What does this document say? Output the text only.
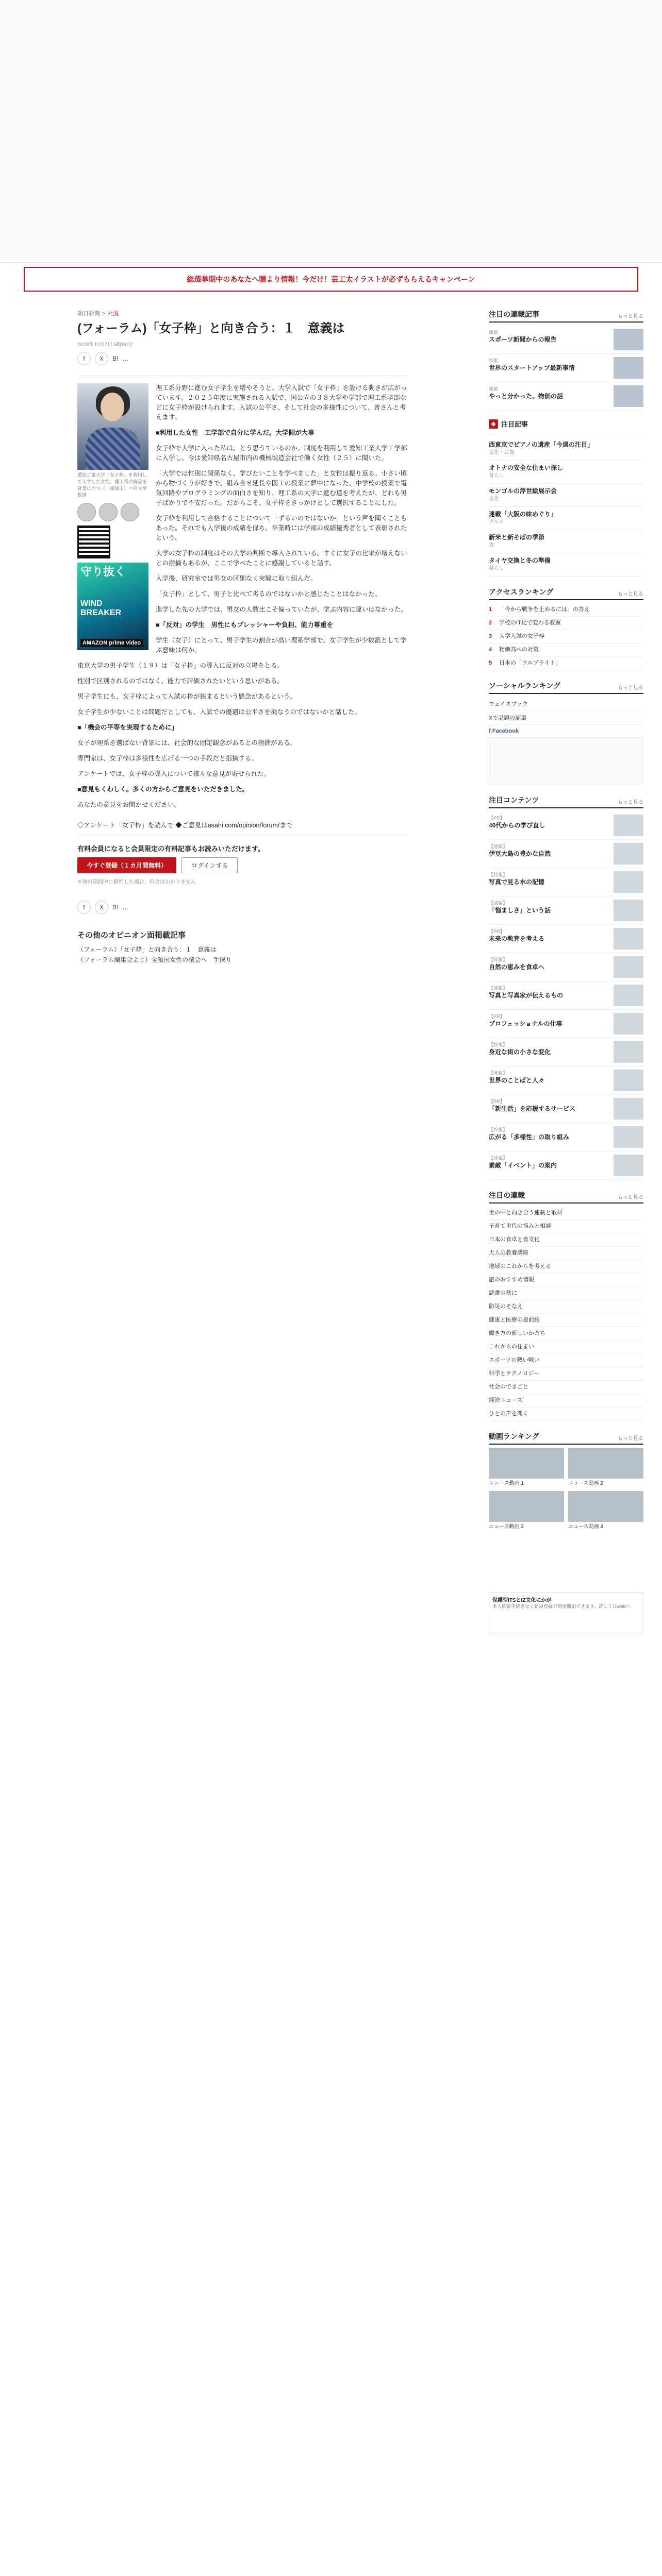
総選挙期中のあなたへ贈より情報！今だけ！芸工太イラストが必ずもらえるキャンペーン
朝日新聞 > 社説
(フォーラム)「女子枠」と向き合う：１　意義は
2023年11月7日 5時00分
f	X	B! …
愛知工業大学「女子枠」を利用して入学した女性。理工系の施設を背景に立つ（一部加工）＝同大学提供
守り抜く
WIND BREAKER
AMAZON prime video

理工系分野に進む女子学生を増やそうと、大学入試で「女子枠」を設ける動きが広がっています。２０２５年度に実施される入試で、国公立の３８大学や学部で理工系学部などに女子枠が設けられます。入試の公平さ、そして社会の多様性について、皆さんと考えます。

■利用した女性　工学部で自分に学んだ。大学側が大事

女子枠で大学に入った私は、とう思うているのか。制度を利用して愛知工業大学工学部に入学し、今は愛知県名古屋市内の機械製造会社で働く女性（２５）に聞いた。

「大学では性別に関係なく、学びたいことを学べました」と女性は振り返る。小さい頃から物づくりが好きで、組み合せ延長や図工の授業に夢中になった。中学校の授業で電気回路やプログラミングの面白さを知り、理工系の大学に進む道を考えたが、どれも男子ばかりで不安だった。だからこそ、女子枠をきっかけとして選択することにした。

女子枠を利用して合格することについて「ずるいのではないか」という声を聞くこともあった。それでも入学後の成績を保ち、卒業時には学部の成績優秀者として表彰されたという。

大学の女子枠の制度はその大学の判断で導入されている。すぐに女子の比率が増えないとの指摘もあるが、ここで学べたことに感謝していると話す。

入学後、研究室では男女の区別なく実験に取り組んだ。

「女子枠」として、男子と比べて劣るのではないかと感じたことはなかった。

進学した先の大学では、男女の人数比こそ偏っていたが、学ぶ内容に違いはなかった。

■「反対」の学生　男性にもプレッシャーや負担、能力尊重を

学生（女子）にとって、男子学生の割合が高い理系学部で、女子学生が少数派として学ぶ意味は何か。

東京大学の男子学生（１９）は「女子枠」の導入に反対の立場をとる。

性別で区別されるのではなく、能力で評価されたいという思いがある。

男子学生にも、女子枠によって入試の枠が狭まるという懸念があるという。

女子学生が少ないことは問題だとしても、入試での優遇は公平さを損なうのではないかと話した。

■「機会の平等を実現するために」

女子が理系を選ばない背景には、社会的な固定観念があるとの指摘がある。

専門家は、女子枠は多様性を広げる一つの手段だと指摘する。

アンケートでは、女子枠の導入について様々な意見が寄せられた。

■意見もくわしく。多くの方からご意見をいただきました。

あなたの意見をお聞かせください。

◇アンケート「女子枠」を読んで ◆ご意見はasahi.com/opinion/forum/まで
有料会員になると会員限定の有料記事もお読みいただけます。
今すぐ登録（１カ月間無料）	ログインする
※無料期間中に解約した場合、料金はかかりません
f	X	B! …
その他のオピニオン面掲載記事
（フォーラム）「女子枠」と向き合う：１　意義は
（フォーラム編集会より）全領国女性の議会へ　手探り
注目の連載記事	もっと見る
連載
スポーツ新聞からの報告
特集
世界のスタートアップ最新事情
連載
やっと分かった、物価の話
◆ 注目記事
西東京でピアノの遺産「今週の注目」
文化・芸能
オトナの安全な住まい探し
暮らし
モンゴルの浮世絵展示会
文化
連載「大阪の味めぐり」
グルメ
新米と新そばの季節
食
タイヤ交換と冬の準備
暮らし
アクセスランキング	もっと見る
1	「今から戦争を止めるには」の答え
2	学校のIT化で変わる教室
3	大学入試の女子枠
4	物価高への対策
5	日本の「フルブライト」
ソーシャルランキング	もっと見る
フェイスブック
Xで話題の記事
f Facebook
注目コンテンツ	もっと見る
【PR】
40代からの学び直し
【連載】
伊豆大島の豊かな自然
【特集】
写真で見る水の記憶
【連載】
「悩ましさ」という話
【PR】
未来の教育を考える
【特集】
自然の恵みを食卓へ
【連載】
写真と写真家が伝えるもの
【PR】
プロフェッショナルの仕事
【特集】
身近な街の小さな変化
【連載】
世界のことばと人々
【PR】
「新生活」を応援するサービス
【特集】
広がる「多様性」の取り組み
【連載】
素敵「イベント」の案内
注目の連載	もっと見る
世の中と向き合う連載と取材
子育て世代の悩みと相談
日本の食卓と食文化
大人の教養講座
地域のこれからを考える
旅のおすすめ情報
読書の秋に
防災のそなえ
健康と医療の最前線
働き方の新しいかたち
これからの住まい
スポーツの熱い戦い
科学とテクノロジー
社会のできごと
経済ニュース
ひとの声を聞く
動画ランキング	もっと見る
ニュース動画 1	ニュース動画 2
ニュース動画 3	ニュース動画 4
保護型ITSとIZ文化にかが
本人確認手続きなく新規登録で利用開始できます。詳しくはwebへ
